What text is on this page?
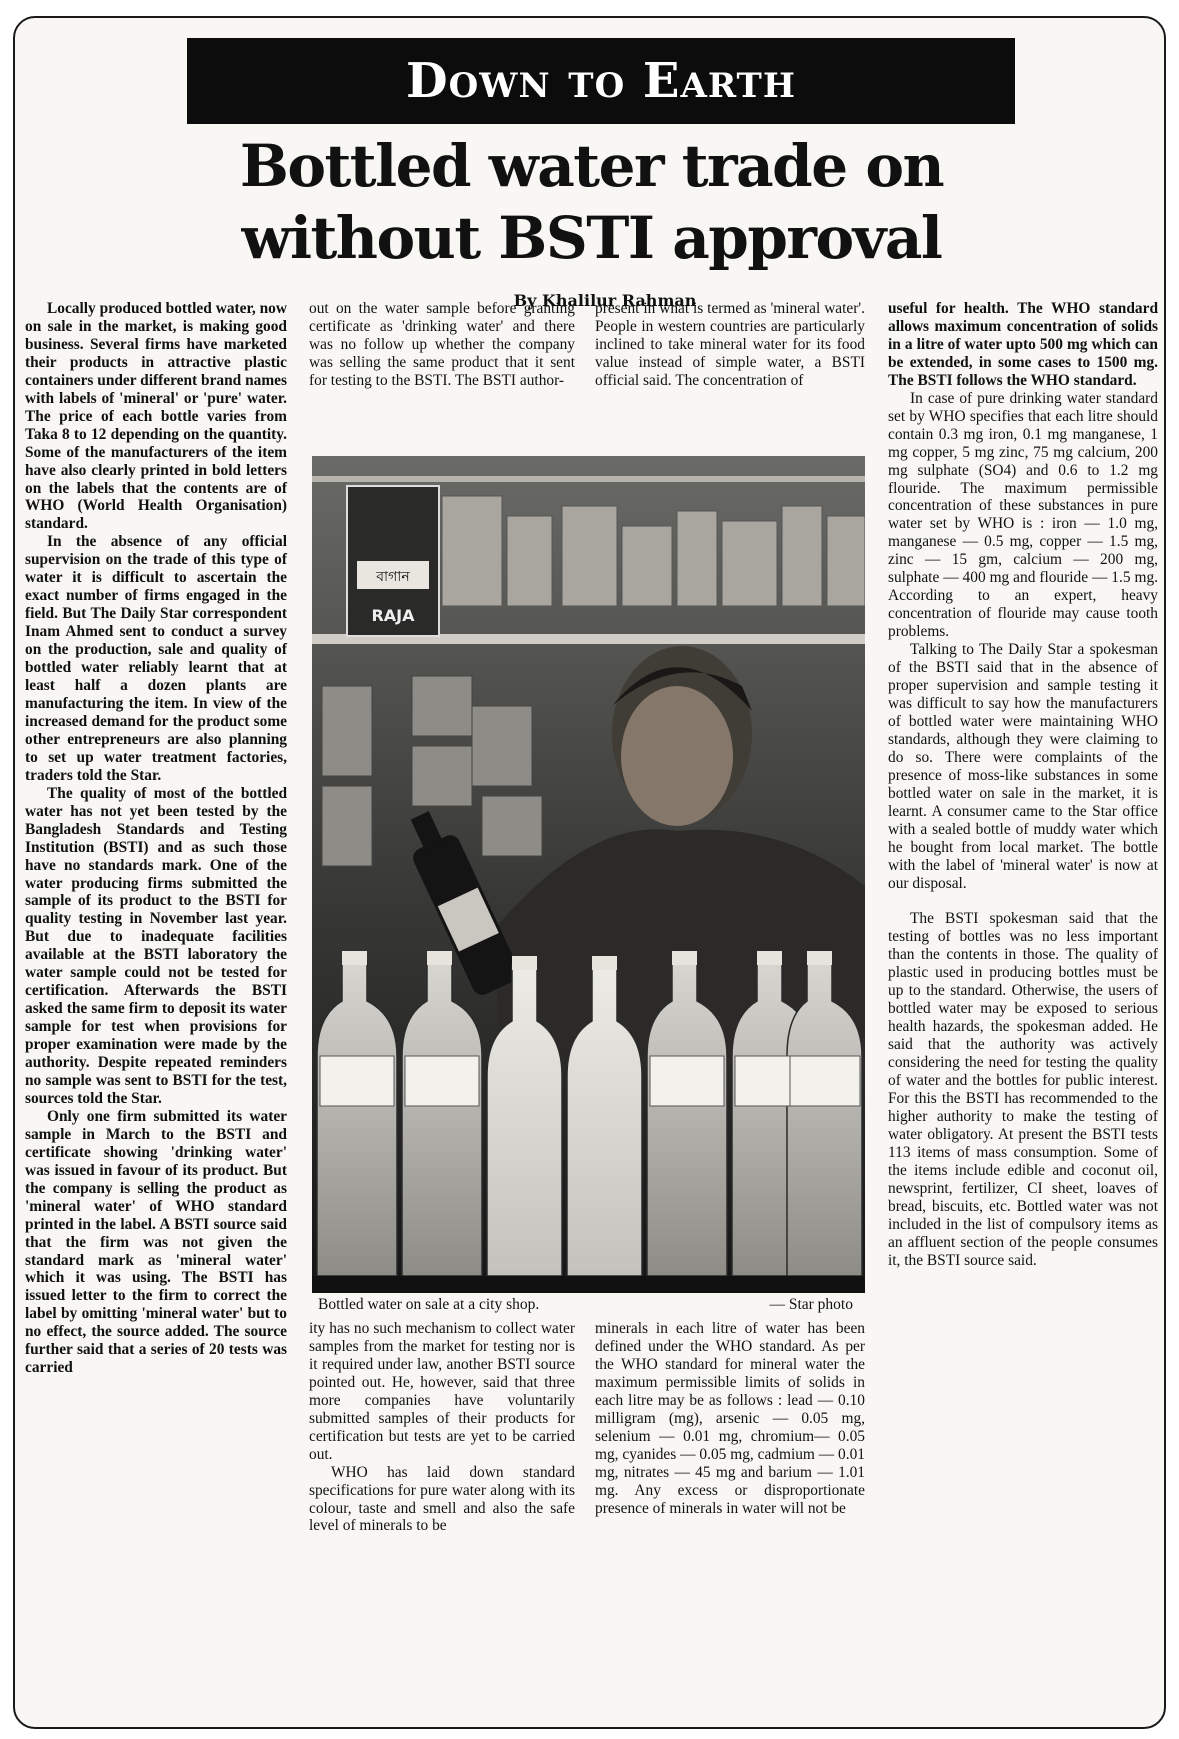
Down to Earth
Bottled water trade on
without BSTI approval
By Khalilur Rahman

Locally produced bottled water, now on sale in the market, is making good business. Several firms have marketed their products in attractive plastic containers under different brand names with labels of 'mineral' or 'pure' water. The price of each bottle varies from Taka 8 to 12 depending on the quantity. Some of the manufacturers of the item have also clearly printed in bold letters on the labels that the contents are of WHO (World Health Organisation) standard.

In the absence of any official supervision on the trade of this type of water it is difficult to ascertain the exact number of firms engaged in the field. But The Daily Star correspondent Inam Ahmed sent to conduct a survey on the production, sale and quality of bottled water reliably learnt that at least half a dozen plants are manufacturing the item. In view of the increased demand for the product some other entrepreneurs are also planning to set up water treatment factories, traders told the Star.

The quality of most of the bottled water has not yet been tested by the Bangladesh Standards and Testing Institution (BSTI) and as such those have no standards mark. One of the water producing firms submitted the sample of its product to the BSTI for quality testing in November last year. But due to inadequate facilities available at the BSTI laboratory the water sample could not be tested for certification. Afterwards the BSTI asked the same firm to deposit its water sample for test when provisions for proper examination were made by the authority. Despite repeated reminders no sample was sent to BSTI for the test, sources told the Star.

Only one firm submitted its water sample in March to the BSTI and certificate showing 'drinking water' was issued in favour of its product. But the company is selling the product as 'mineral water' of WHO standard printed in the label. A BSTI source said that the firm was not given the standard mark as 'mineral water' which it was using. The BSTI has issued letter to the firm to correct the label by omitting 'mineral water' but to no effect, the source added. The source further said that a series of 20 tests was carried

out on the water sample before granting certificate as 'drinking water' and there was no follow up whether the company was selling the same product that it sent for testing to the BSTI. The BSTI author-

present in what is termed as 'mineral water'. People in western countries are particularly inclined to take mineral water for its food value instead of simple water, a BSTI official said. The concentration of

বাগান
RAJA
Bottled water on sale at a city shop.	— Star photo

ity has no such mechanism to collect water samples from the market for testing nor is it required under law, another BSTI source pointed out. He, however, said that three more companies have voluntarily submitted samples of their products for certification but tests are yet to be carried out.

WHO has laid down standard specifications for pure water along with its colour, taste and smell and also the safe level of minerals to be

minerals in each litre of water has been defined under the WHO standard. As per the WHO standard for mineral water the maximum permissible limits of solids in each litre may be as follows : lead — 0.10 milligram (mg), arsenic — 0.05 mg, selenium — 0.01 mg, chromium— 0.05 mg, cyanides — 0.05 mg, cadmium — 0.01 mg, nitrates — 45 mg and barium — 1.01 mg. Any excess or disproportionate presence of minerals in water will not be

useful for health. The WHO standard allows maximum concentration of solids in a litre of water upto 500 mg which can be extended, in some cases to 1500 mg. The BSTI follows the WHO standard.

In case of pure drinking water standard set by WHO specifies that each litre should contain 0.3 mg iron, 0.1 mg manganese, 1 mg copper, 5 mg zinc, 75 mg calcium, 200 mg sulphate (SO4) and 0.6 to 1.2 mg flouride. The maximum permissible concentration of these substances in pure water set by WHO is : iron — 1.0 mg, manganese — 0.5 mg, copper — 1.5 mg, zinc — 15 gm, calcium — 200 mg, sulphate — 400 mg and flouride — 1.5 mg. According to an expert, heavy concentration of flouride may cause tooth problems.

Talking to The Daily Star a spokesman of the BSTI said that in the absence of proper supervision and sample testing it was difficult to say how the manufacturers of bottled water were maintaining WHO standards, although they were claiming to do so. There were complaints of the presence of moss-like substances in some bottled water on sale in the market, it is learnt. A consumer came to the Star office with a sealed bottle of muddy water which he bought from local market. The bottle with the label of 'mineral water' is now at our disposal.

The BSTI spokesman said that the testing of bottles was no less important than the contents in those. The quality of plastic used in producing bottles must be up to the standard. Otherwise, the users of bottled water may be exposed to serious health hazards, the spokesman added. He said that the authority was actively considering the need for testing the quality of water and the bottles for public interest. For this the BSTI has recommended to the higher authority to make the testing of water obligatory. At present the BSTI tests 113 items of mass consumption. Some of the items include edible and coconut oil, newsprint, fertilizer, CI sheet, loaves of bread, biscuits, etc. Bottled water was not included in the list of compulsory items as an affluent section of the people consumes it, the BSTI source said.
